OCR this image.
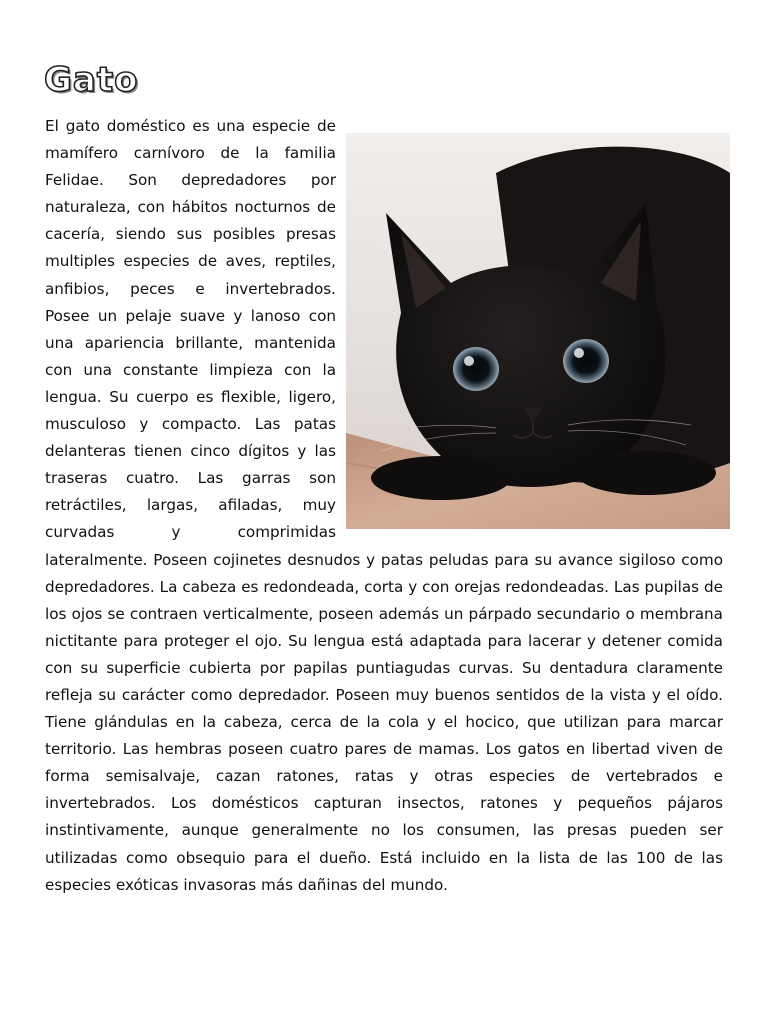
Gato
El gato doméstico es una especie de mamífero carnívoro de la familia Felidae. Son depredadores por naturaleza, con hábitos nocturnos de cacería, siendo sus posibles presas multiples especies de aves, reptiles, anfibios, peces e invertebrados. Posee un pelaje suave y lanoso con una apariencia brillante, mantenida con una constante limpieza con la lengua. Su cuerpo es flexible, ligero, musculoso y compacto. Las patas delanteras tienen cinco dígitos y las traseras cuatro. Las garras son retráctiles, largas, afiladas, muy curvadas y comprimidas lateralmente. Poseen cojinetes desnudos y patas peludas para su avance sigiloso como depredadores. La cabeza es redondeada, corta y con orejas redondeadas. Las pupilas de los ojos se contraen verticalmente, poseen además un párpado secundario o membrana nictitante para proteger el ojo. Su lengua está adaptada para lacerar y detener comida con su superficie cubierta por papilas puntiagudas curvas. Su dentadura claramente refleja su carácter como depredador. Poseen muy buenos sentidos de la vista y el oído. Tiene glándulas en la cabeza, cerca de la cola y el hocico, que utilizan para marcar territorio. Las hembras poseen cuatro pares de mamas. Los gatos en libertad viven de forma semisalvaje, cazan ratones, ratas y otras especies de vertebrados e invertebrados. Los domésticos capturan insectos, ratones y pequeños pájaros instintivamente, aunque generalmente no los consumen, las presas pueden ser utilizadas como obsequio para el dueño. Está incluido en la lista de las 100 de las especies exóticas invasoras más dañinas del mundo.
